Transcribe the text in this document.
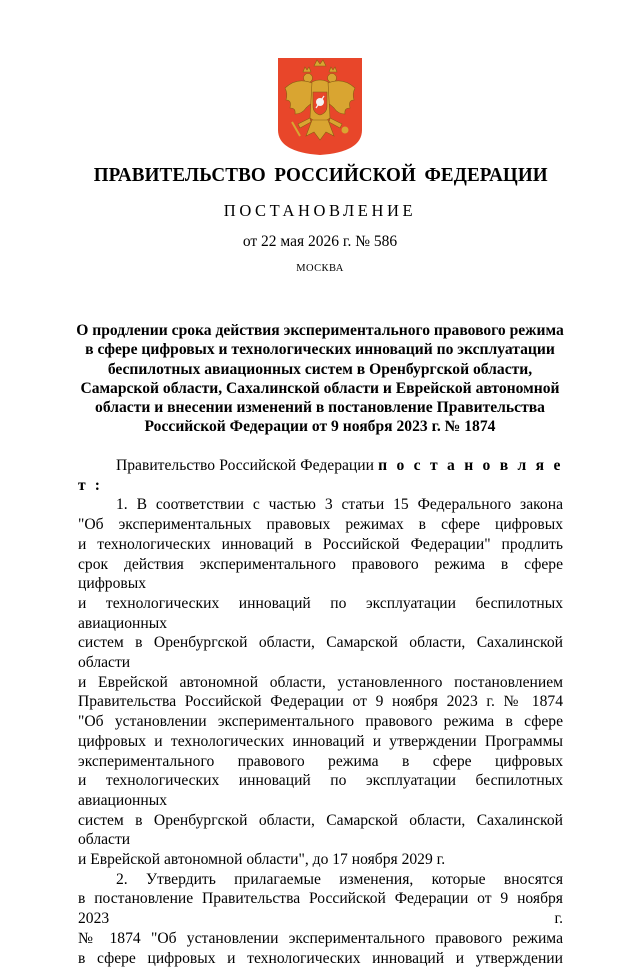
ПРАВИТЕЛЬСТВО РОССИЙСКОЙ ФЕДЕРАЦИИ
ПОСТАНОВЛЕНИЕ
от 22 мая 2026 г. № 586
МОСКВА
О продлении срока действия экспериментального правового режима
в сфере цифровых и технологических инноваций по эксплуатации
беспилотных авиационных систем в Оренбургской области,
Самарской области, Сахалинской области и Еврейской автономной
области и внесении изменений в постановление Правительства
Российской Федерации от 9 ноября 2023 г. № 1874

Правительство Российской Федерации п о с т а н о в л я е т :

1. В соответствии с частью 3 статьи 15 Федерального закона
"Об экспериментальных правовых режимах в сфере цифровых
и технологических инноваций в Российской Федерации" продлить
срок действия экспериментального правового режима в сфере цифровых
и технологических инноваций по эксплуатации беспилотных авиационных
систем в Оренбургской области, Самарской области, Сахалинской области
и Еврейской автономной области, установленного постановлением
Правительства Российской Федерации от 9 ноября 2023 г. № 1874
"Об установлении экспериментального правового режима в сфере
цифровых и технологических инноваций и утверждении Программы
экспериментального правового режима в сфере цифровых
и технологических инноваций по эксплуатации беспилотных авиационных
систем в Оренбургской области, Самарской области, Сахалинской области
и Еврейской автономной области", до 17 ноября 2029 г.

2. Утвердить прилагаемые изменения, которые вносятся
в постановление Правительства Российской Федерации от 9 ноября 2023 г.
№ 1874 "Об установлении экспериментального правового режима
в сфере цифровых и технологических инноваций и утверждении
